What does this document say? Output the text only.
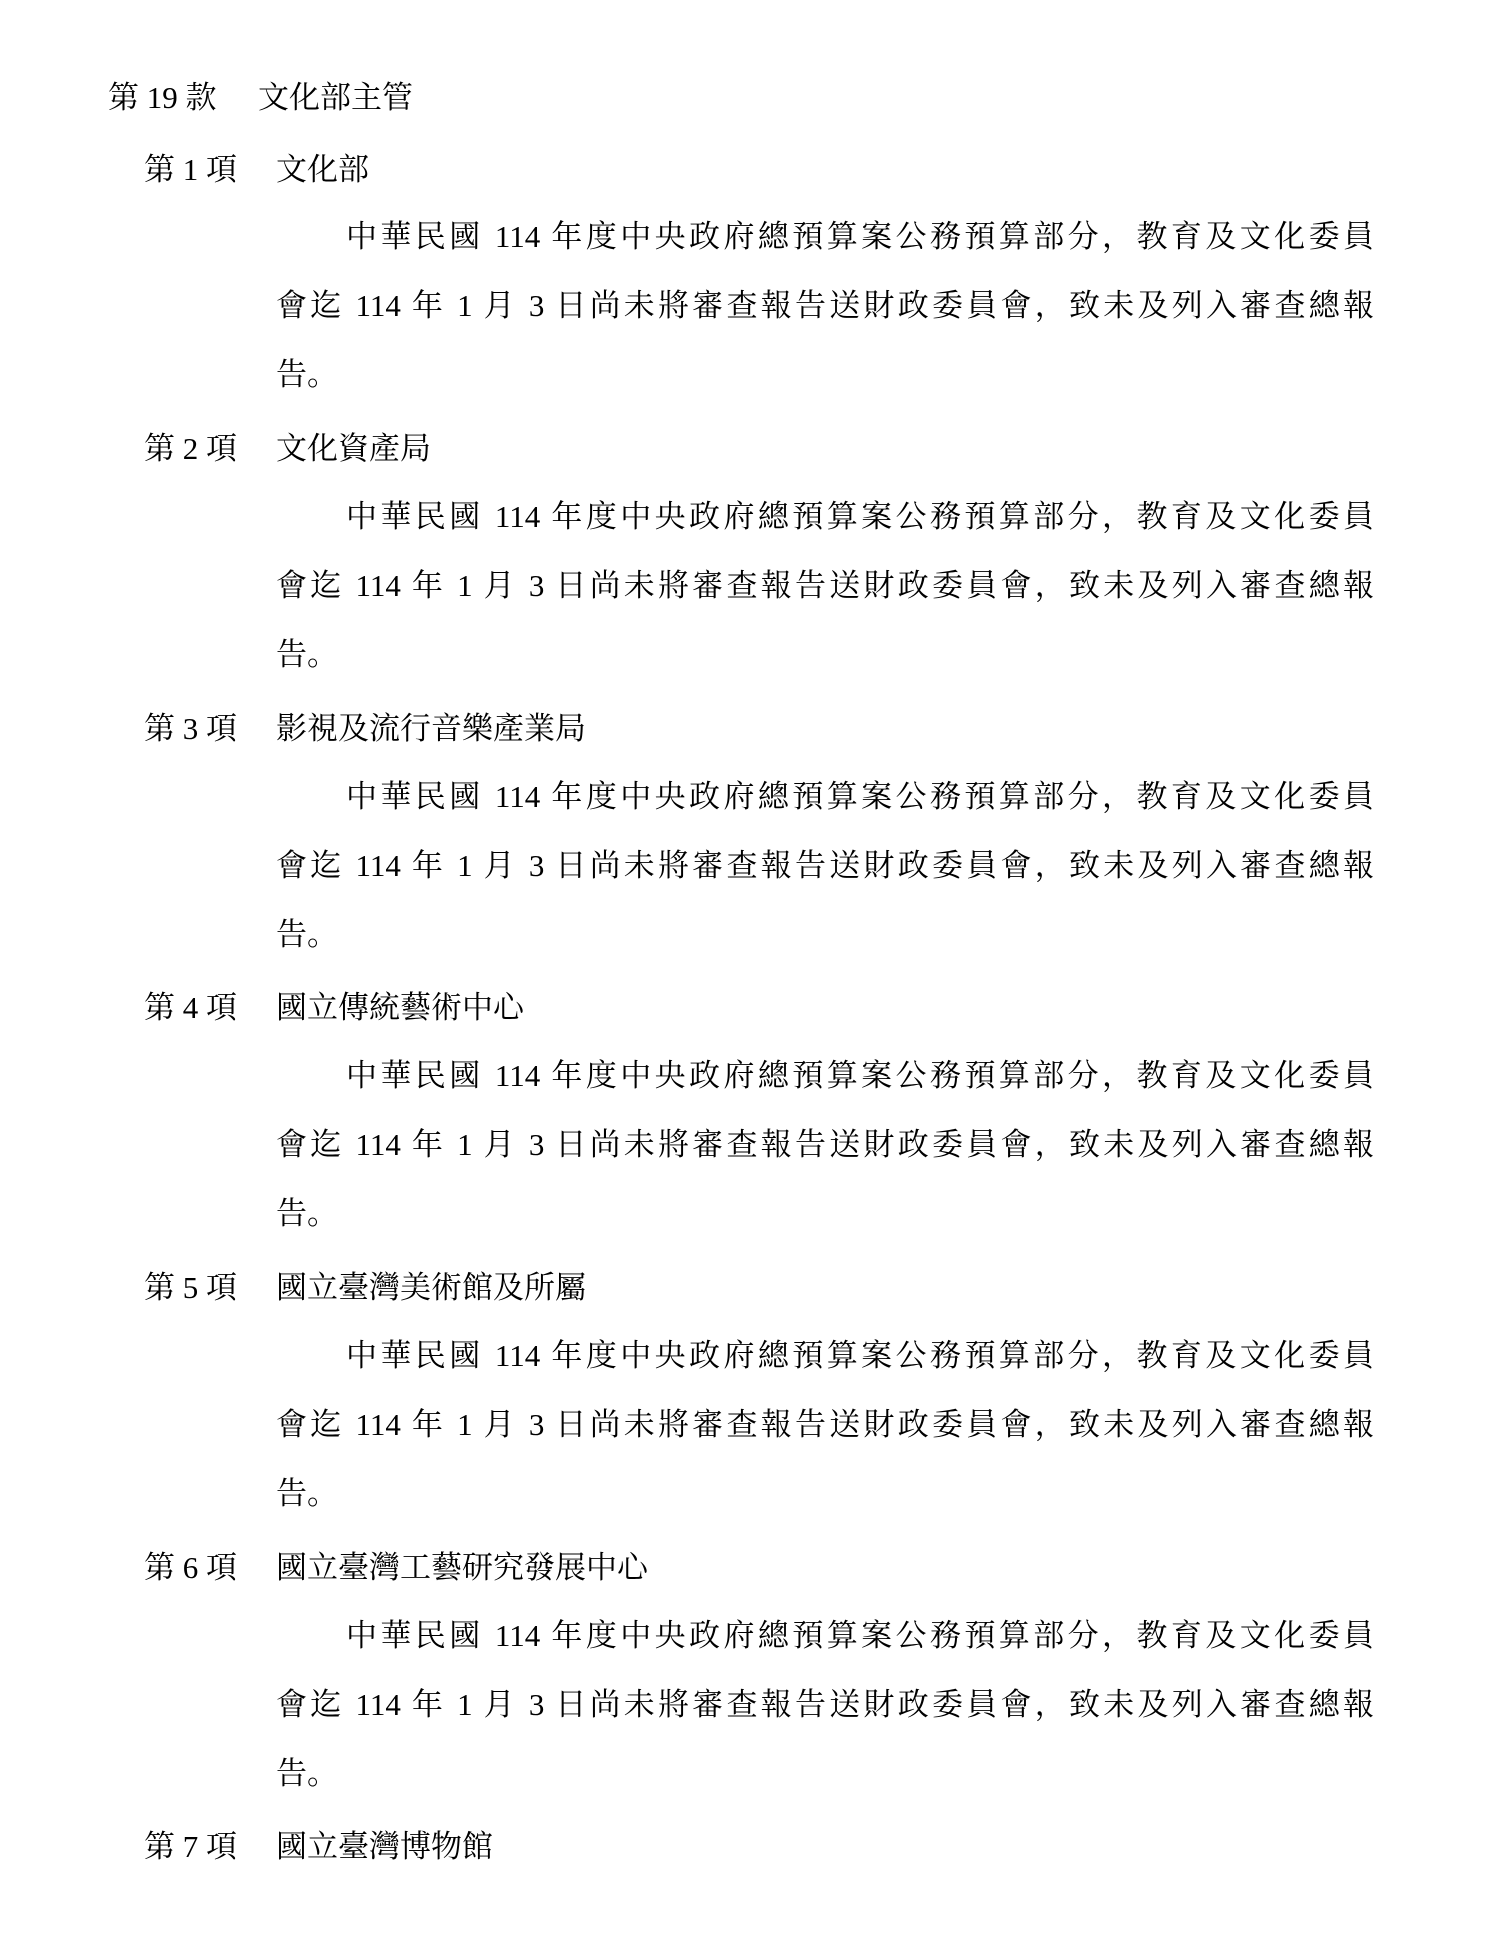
第 19 款 文化部主管
第 1 項 文化部
中華民國 114 年度中央政府總預算案公務預算部分，教育及文化委員
會迄 114 年 1 月 3 日尚未將審查報告送財政委員會，致未及列入審查總報
告。
第 2 項 文化資產局
中華民國 114 年度中央政府總預算案公務預算部分，教育及文化委員
會迄 114 年 1 月 3 日尚未將審查報告送財政委員會，致未及列入審查總報
告。
第 3 項 影視及流行音樂產業局
中華民國 114 年度中央政府總預算案公務預算部分，教育及文化委員
會迄 114 年 1 月 3 日尚未將審查報告送財政委員會，致未及列入審查總報
告。
第 4 項 國立傳統藝術中心
中華民國 114 年度中央政府總預算案公務預算部分，教育及文化委員
會迄 114 年 1 月 3 日尚未將審查報告送財政委員會，致未及列入審查總報
告。
第 5 項 國立臺灣美術館及所屬
中華民國 114 年度中央政府總預算案公務預算部分，教育及文化委員
會迄 114 年 1 月 3 日尚未將審查報告送財政委員會，致未及列入審查總報
告。
第 6 項 國立臺灣工藝研究發展中心
中華民國 114 年度中央政府總預算案公務預算部分，教育及文化委員
會迄 114 年 1 月 3 日尚未將審查報告送財政委員會，致未及列入審查總報
告。
第 7 項 國立臺灣博物館
